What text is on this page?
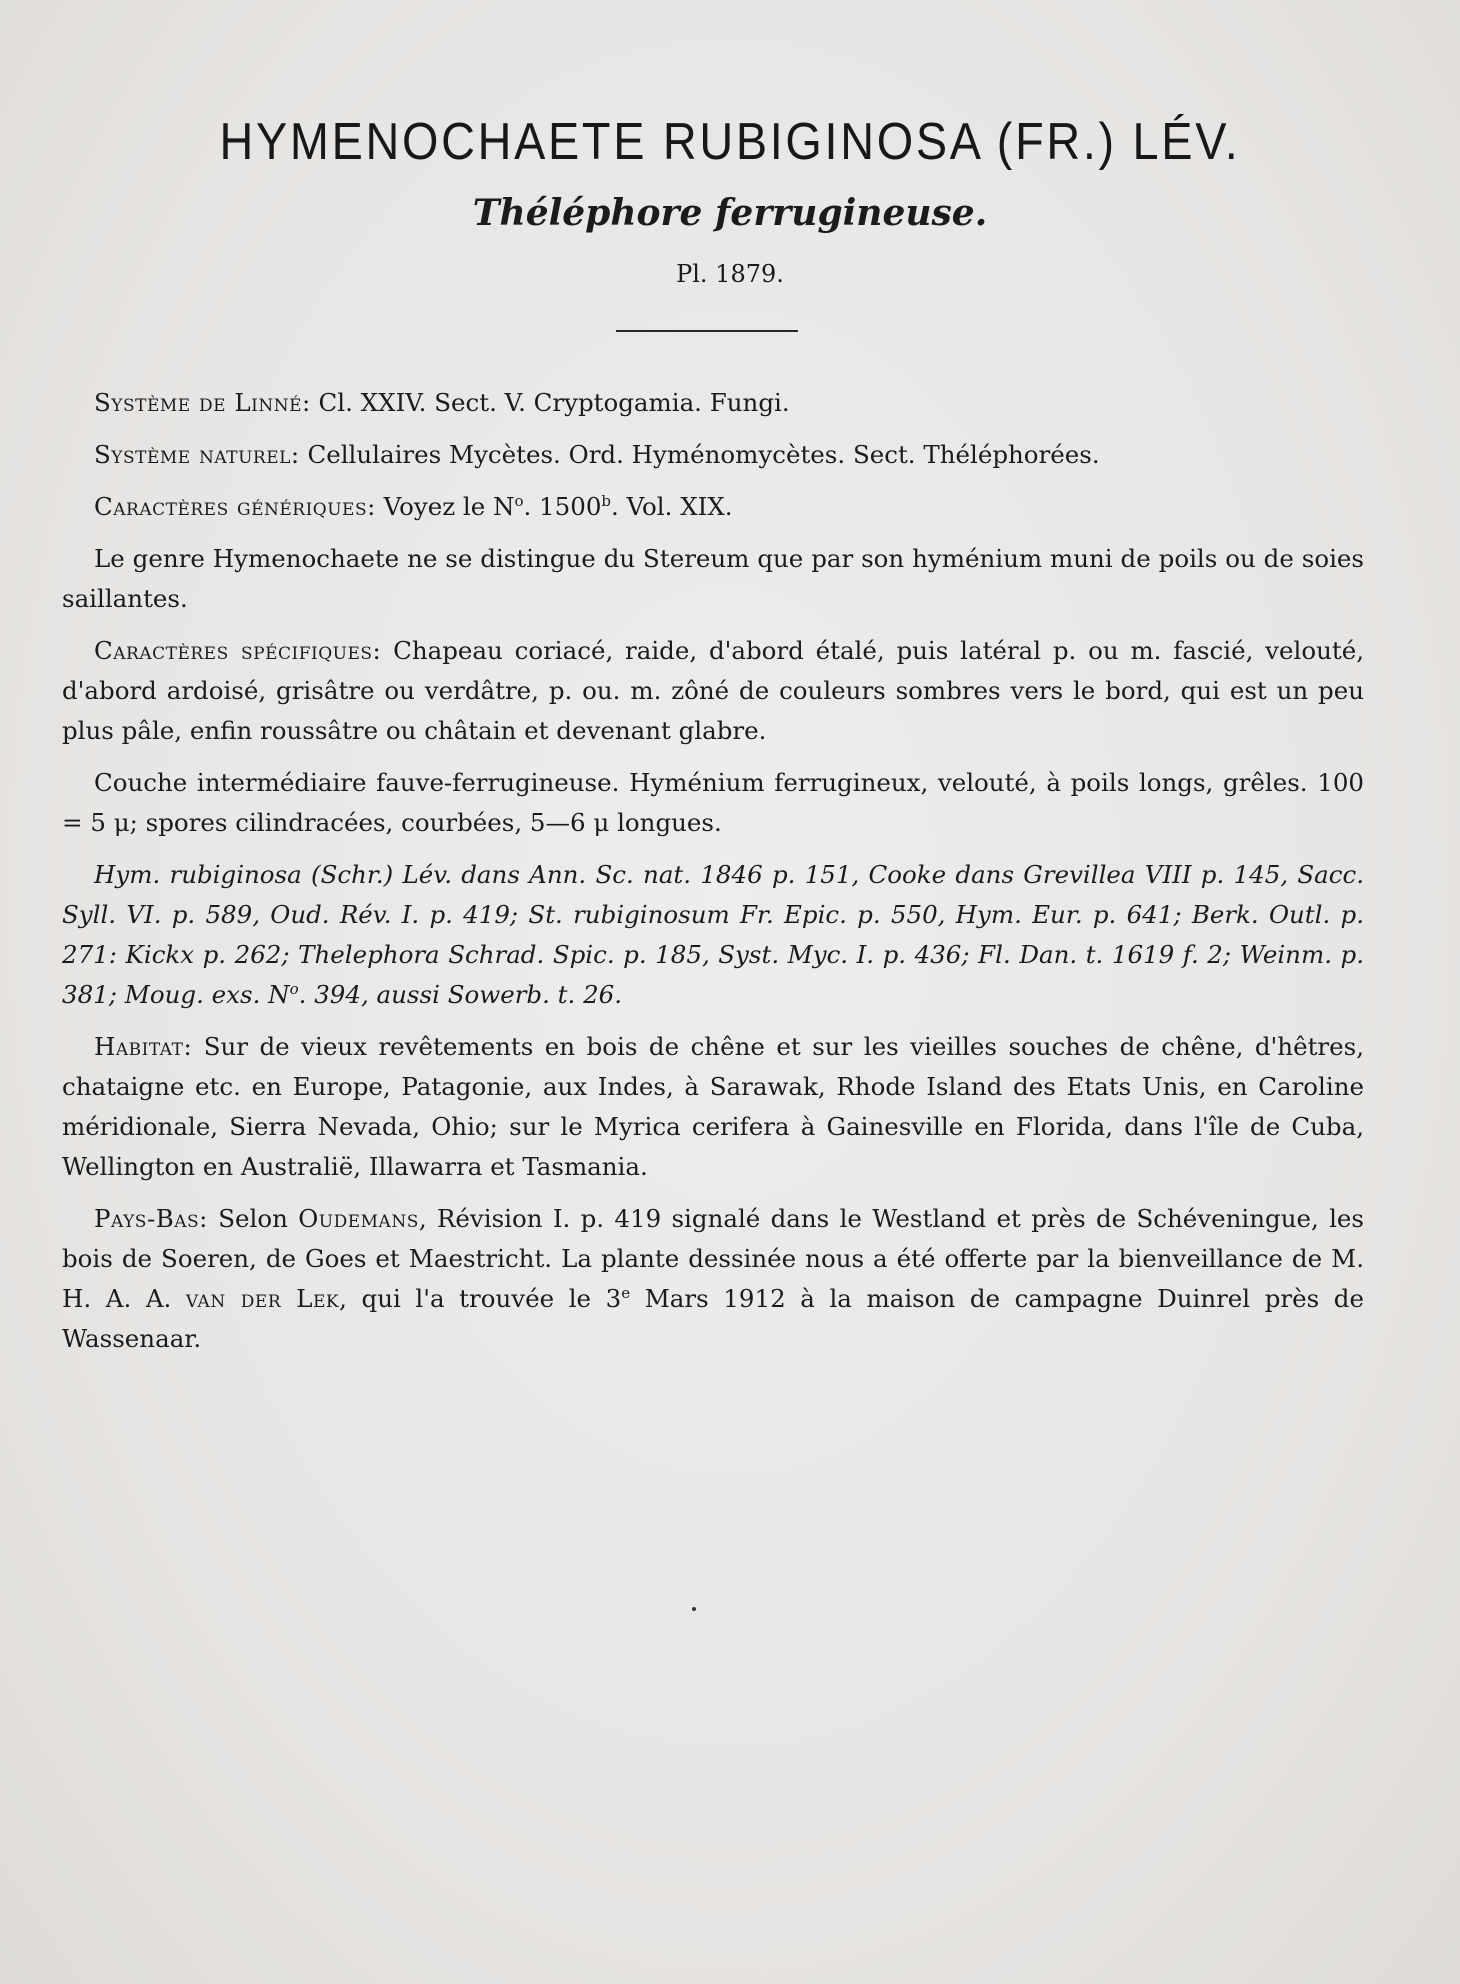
HYMENOCHAETE RUBIGINOSA (FR.) LÉV.
Théléphore ferrugineuse.
Pl. 1879.

Système de Linné: Cl. XXIV. Sect. V. Cryptogamia. Fungi.

Système naturel: Cellulaires Mycètes. Ord. Hyménomycètes. Sect. Théléphorées.

Caractères génériques: Voyez le $N^o$. 1500$^b$. Vol. XIX.

Le genre Hymenochaete ne se distingue du Stereum que par son hyménium muni de poils ou de soies saillantes.

Caractères spécifiques: Chapeau coriacé, raide, d'abord étalé, puis latéral p. ou m. fascié, velouté, d'abord ardoisé, grisâtre ou verdâtre, p. ou. m. zôné de couleurs sombres vers le bord, qui est un peu plus pâle, enfin roussâtre ou châtain et devenant glabre.

Couche intermédiaire fauve-ferrugineuse. Hyménium ferrugineux, velouté, à poils longs, grêles. 100 = 5 μ; spores cilindracées, courbées, 5—6 μ longues.

Hym. rubiginosa (Schr.) Lév. dans Ann. Sc. nat. 1846 p. 151, Cooke dans Grevillea VIII p. 145, Sacc. Syll. VI. p. 589, Oud. Rév. I. p. 419; St. rubiginosum Fr. Epic. p. 550, Hym. Eur. p. 641; Berk. Outl. p. 271: Kickx p. 262; Thelephora Schrad. Spic. p. 185, Syst. Myc. I. p. 436; Fl. Dan. t. 1619 f. 2; Weinm. p. 381; Moug. exs. $N^o$. 394, aussi Sowerb. t. 26.

Habitat: Sur de vieux revêtements en bois de chêne et sur les vieilles souches de chêne, d'hêtres, chataigne etc. en Europe, Patagonie, aux Indes, à Sarawak, Rhode Island des Etats Unis, en Caroline méridionale, Sierra Nevada, Ohio; sur le Myrica cerifera à Gainesville en Florida, dans l'île de Cuba, Wellington en Australië, Illawarra et Tasmania.

Pays-Bas: Selon Oudemans, Révision I. p. 419 signalé dans le Westland et près de Schéveningue, les bois de Soeren, de Goes et Maestricht. La plante dessinée nous a été offerte par la bienveillance de M. H. A. A. van der Lek, qui l'a trouvée le 3e Mars 1912 à la maison de campagne Duinrel près de Wassenaar.
